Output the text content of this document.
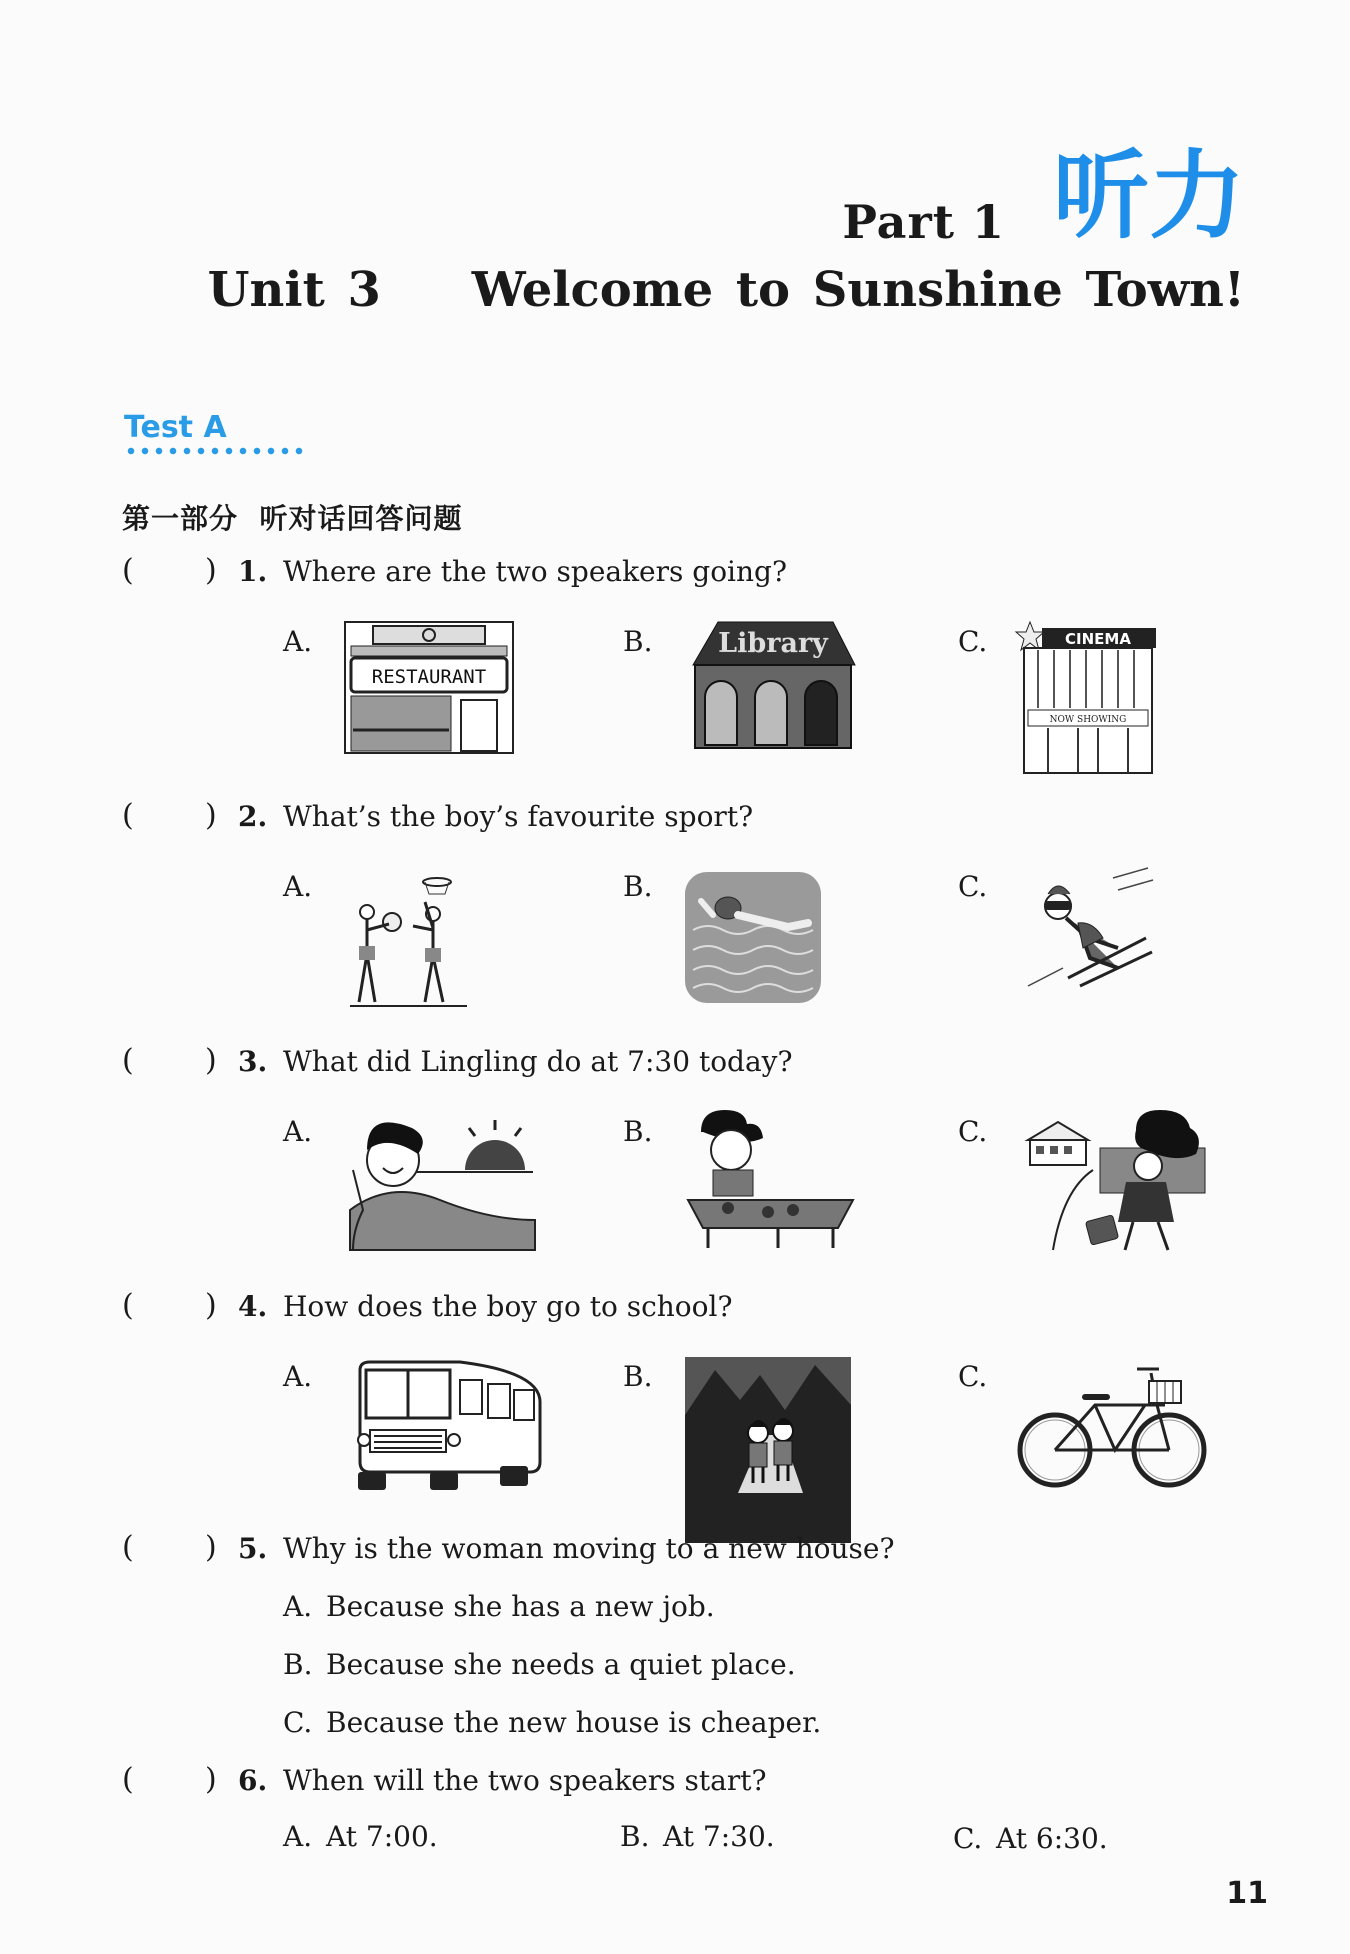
Part 1 听力
Unit 3    Welcome to Sunshine Town!
Test A
第一部分  听对话回答问题
( ) 1. Where are the two speakers going?
A.
RESTAURANT
B. Library	C.	CINEMA
NOW SHOWING
( ) 2. What’s the boy’s favourite sport?
A.	B.	C.
( ) 3. What did Lingling do at 7:30 today?
A.	B.	C.
( ) 4. How does the boy go to school?
A.	B.	C.
( ) 5. Why is the woman moving to a new house?
A. Because she has a new job.
B. Because she needs a quiet place.
C. Because the new house is cheaper.
( ) 6. When will the two speakers start?
A. At 7:00.	B. At 7:30.	C. At 6:30.
11
